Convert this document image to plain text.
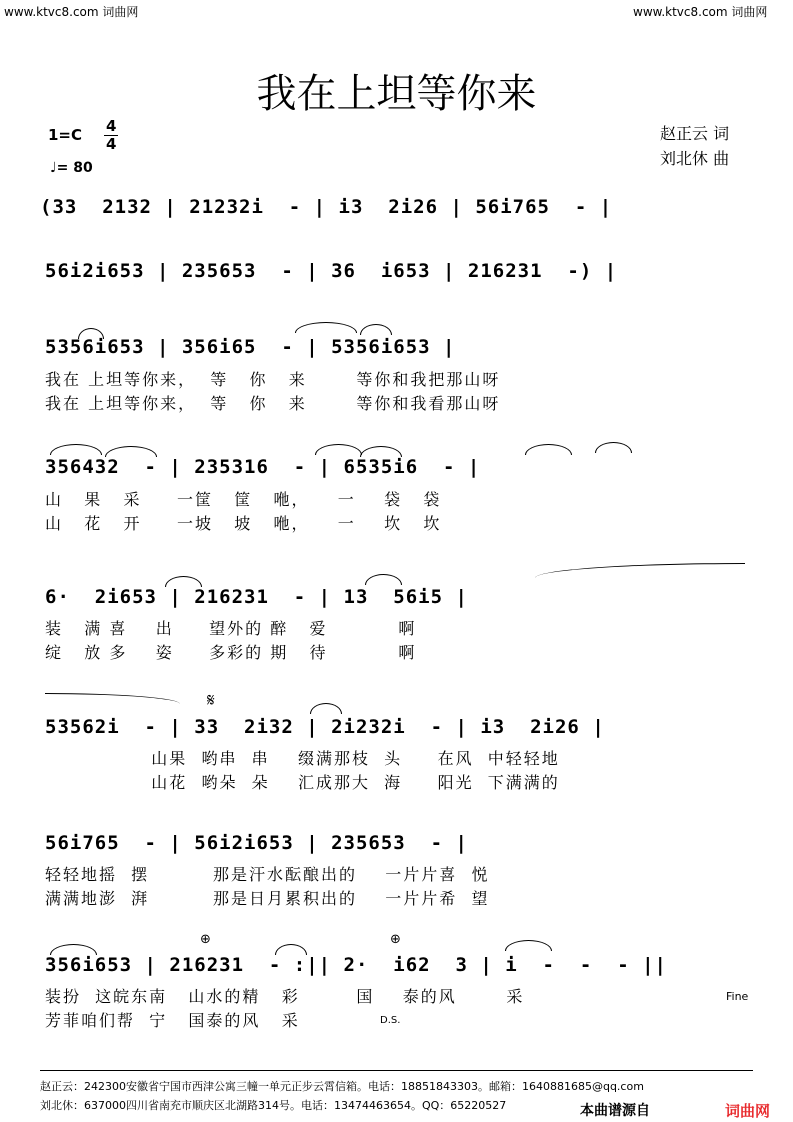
www.ktvc8.com 词曲网	www.ktvc8.com 词曲网
我在上坦等你来
1=C 4
4
♩= 80
赵正云 词
刘北休 曲
(33  2132 | 21232i  - | i3  2i26 | 56i765  - |
56i2i653 | 235653  - | 36  i653 | 216231  -) |
5356i653 | 356i65  - | 5356i653 |
我在 上坦等你来，  等   你   来       等你和我把那山呀
我在 上坦等你来，  等   你   来       等你和我看那山呀
356432  - | 235316  - | 6535i6  - |
山   果   采     一筐   筐   咃，    一    袋   袋
山   花   开     一坡   坡   咃，    一    坎   坎
6·  2i653 | 216231  - | 13  56i5 |
装   满 喜    出     望外的 醉   爱          啊
绽   放 多    姿     多彩的 期   待          啊
𝄋
53562i  - | 33  2i32 | 2i232i  - | i3  2i26 |
山果  哟串  串    缀满那枝  头     在风  中轻轻地
山花  哟朵  朵    汇成那大  海     阳光  下满满的
56i765  - | 56i2i653 | 235653  - |
轻轻地摇  摆         那是汗水酝酿出的    一片片喜  悦
满满地澎  湃         那是日月累积出的    一片片希  望
⊕	⊕
356i653 | 216231  - :|| 2·  i62  3 | i  -  -  - ||
装扮  这皖东南   山水的精   彩        国    泰的风       采
芳菲咱们帮  宁   国泰的风   采	D.S.
Fine
赵正云：242300安徽省宁国市西津公寓三幢一单元正步云霄信箱。电话：18851843303。邮箱：1640881685@qq.com
刘北休：637000四川省南充市顺庆区北湖路314号。电话：13474463654。QQ：65220527	本曲谱源自	词曲网
